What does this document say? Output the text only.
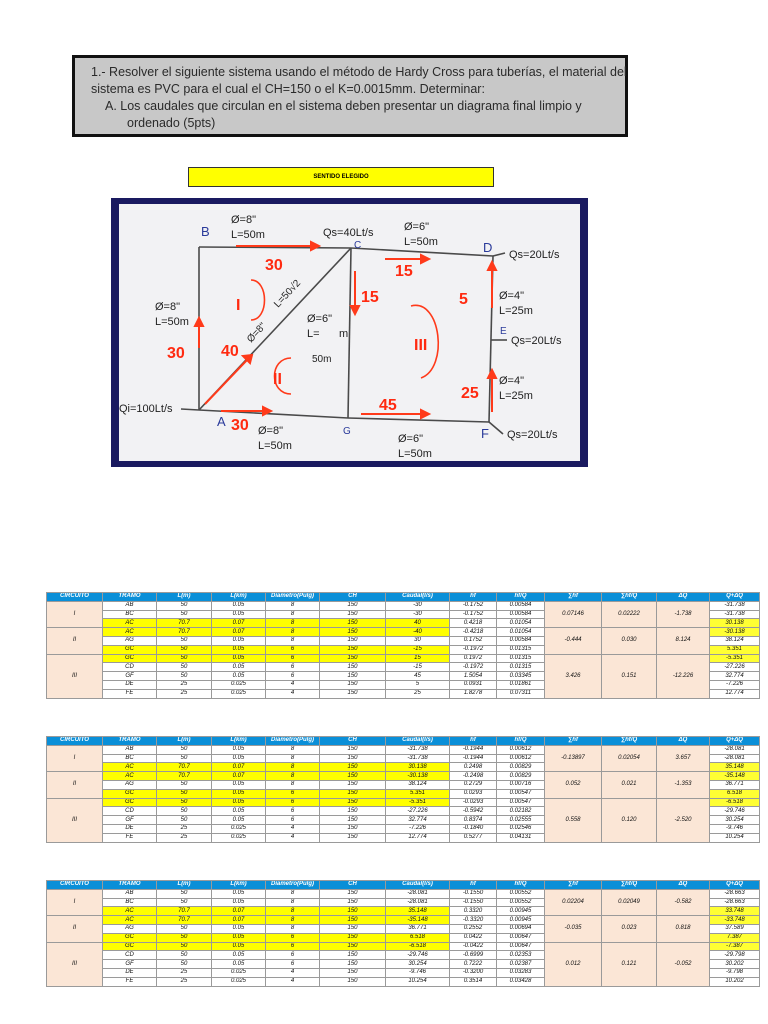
1.- Resolver el siguiente sistema usando el método de Hardy Cross para tuberías, el material del
sistema es PVC para el cual el CH=150 o el K=0.0015mm. Determinar:
A. Los caudales que circulan en el sistema deben presentar un diagrama final limpio y
ordenado (5pts)
SENTIDO ELEGIDO
B
C	D
E
F
G
A
Ø=8"
L=50m
Ø=6"
L=50m
Ø=8"
L=50m
Ø=4"
L=25m
Ø=4"
L=25m
Ø=8"
L=50m
Ø=6"
L=50m
Ø=6"
L= m
50m
Ø=8"
L=50√2
Qs=40Lt/s
Qs=20Lt/s
Qs=20Lt/s
Qs=20Lt/s
Qi=100Lt/s
30	15
15	5
25
30 40
30
45
I
II
III
CIRCUITO	TRAMO	L(m)	L(km)	Diametro(Pulg)	CH	Caudal(l/s)	hf	hf/Q	∑hf	∑hf/Q	ΔQ	Q+ΔQ
I	AB	50	0.05	8	150	-30	-0.1752	0.00584	0.07146	0.02222	-1.738	-31.738
	BC	50	0.05	8	150	-30	-0.1752	0.00584				-31.738
	AC	70.7	0.07	8	150	40	0.4218	0.01054				30.138
II	AC	70.7	0.07	8	150	-40	-0.4218	0.01054	-0.444	0.030	8.124	-30.138
	AG	50	0.05	8	150	30	0.1752	0.00584				38.124
	GC	50	0.05	6	150	-15	-0.1972	0.01315				5.351
III	GC	50	0.05	6	150	15	0.1972	0.01315	3.426	0.151	-12.226	-5.351
	CD	50	0.05	6	150	-15	-0.1972	0.01315				-27.226
	GF	50	0.05	6	150	45	1.5054	0.03345				32.774
	DE	25	0.025	4	150	5	0.0931	0.01861				-7.226
	FE	25	0.025	4	150	25	1.8278	0.07311				12.774
CIRCUITO	TRAMO	L(m)	L(km)	Diametro(Pulg)	CH	Caudal(l/s)	hf	hf/Q	∑hf	∑hf/Q	ΔQ	Q+ΔQ
I	AB	50	0.05	8	150	-31.738	-0.1944	0.00612	-0.13897	0.02054	3.657	-28.081
	BC	50	0.05	8	150	-31.738	-0.1944	0.00612				-28.081
	AC	70.7	0.07	8	150	30.138	0.2498	0.00829				35.148
II	AC	70.7	0.07	8	150	-30.138	-0.2498	0.00829	0.052	0.021	-1.353	-35.148
	AG	50	0.05	8	150	38.124	0.2729	0.00716				36.771
	GC	50	0.05	6	150	5.351	0.0293	0.00547				6.518
III	GC	50	0.05	6	150	-5.351	-0.0293	0.00547	0.558	0.120	-2.520	-6.518
	CD	50	0.05	6	150	-27.226	-0.5942	0.02182				-29.746
	GF	50	0.05	6	150	32.774	0.8374	0.02555				30.254
	DE	25	0.025	4	150	-7.226	-0.1840	0.02546				-9.746
	FE	25	0.025	4	150	12.774	0.5277	0.04131				10.254
CIRCUITO	TRAMO	L(m)	L(km)	Diametro(Pulg)	CH	Caudal(l/s)	hf	hf/Q	∑hf	∑hf/Q	ΔQ	Q+ΔQ
I	AB	50	0.05	8	150	-28.081	-0.1550	0.00552	0.02204	0.02049	-0.582	-28.663
	BC	50	0.05	8	150	-28.081	-0.1550	0.00552				-28.663
	AC	70.7	0.07	8	150	35.148	0.3320	0.00945				33.748
II	AC	70.7	0.07	8	150	-35.148	-0.3320	0.00945	-0.035	0.023	0.818	-33.748
	AG	50	0.05	8	150	36.771	0.2552	0.00694				37.589
	GC	50	0.05	6	150	6.518	0.0422	0.00647				7.387
III	GC	50	0.05	6	150	-6.518	-0.0422	0.00647	0.012	0.121	-0.052	-7.387
	CD	50	0.05	6	150	-29.746	-0.6999	0.02353				-29.798
	GF	50	0.05	6	150	30.254	0.7222	0.02387				30.202
	DE	25	0.025	4	150	-9.746	-0.3200	0.03283				-9.798
	FE	25	0.025	4	150	10.254	0.3514	0.03428				10.202
